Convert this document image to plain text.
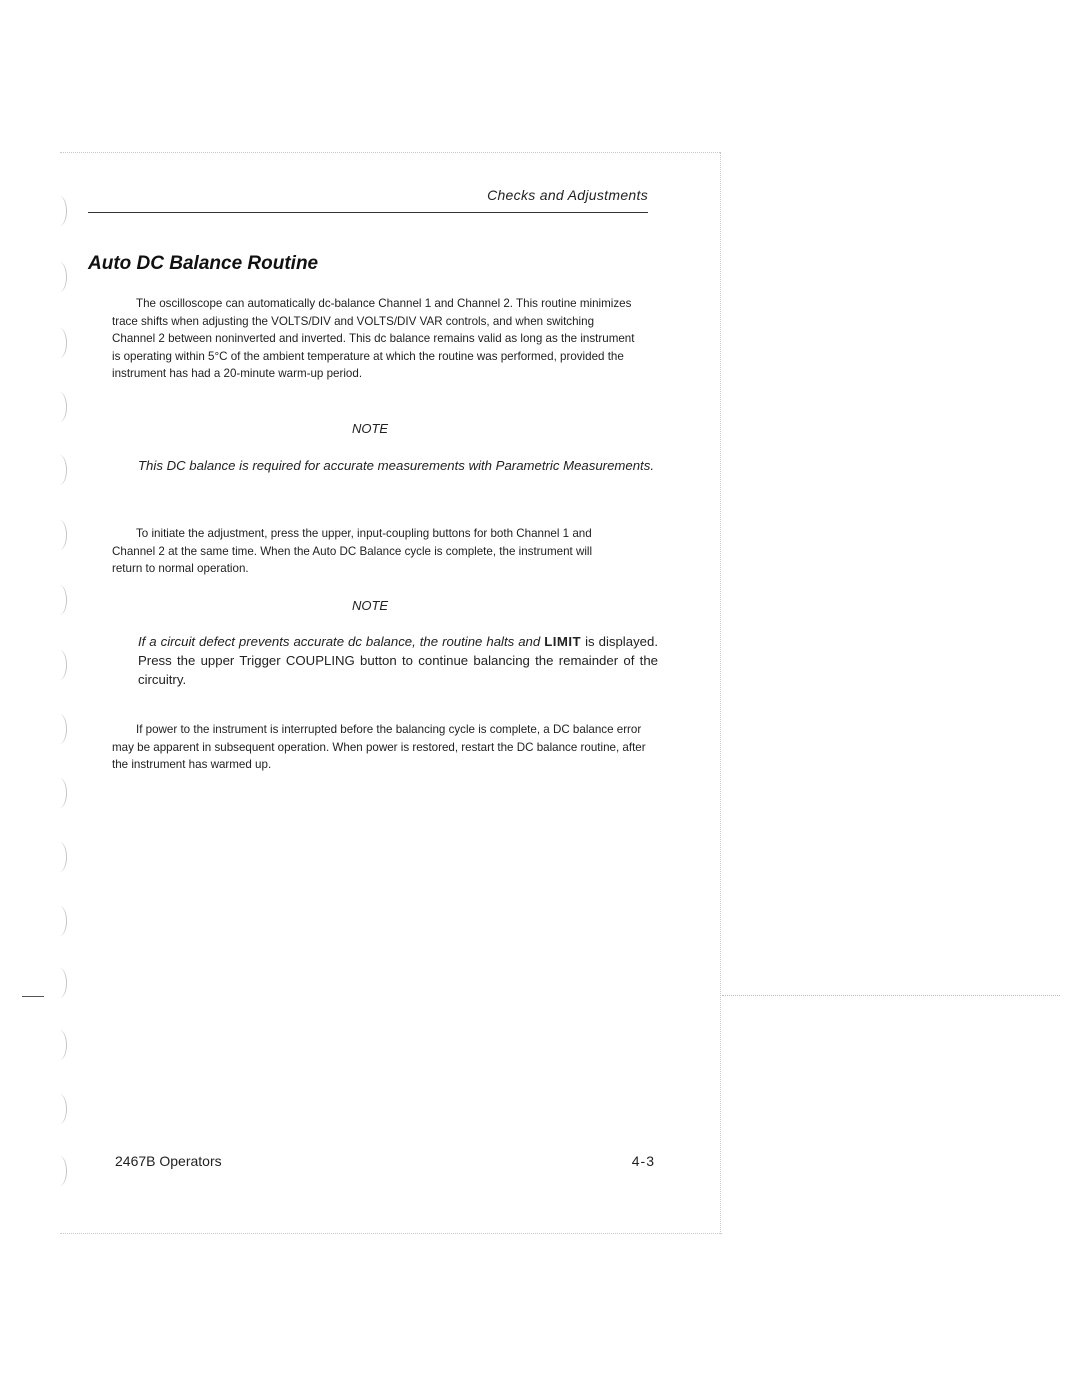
Checks and Adjustments
Auto DC Balance Routine

The oscilloscope can automatically dc-balance Channel 1 and Channel 2. This routine minimizes trace shifts when adjusting the VOLTS/DIV and VOLTS/DIV VAR controls, and when switching Channel 2 between noninverted and inverted. This dc balance remains valid as long as the instrument is operating within 5°C of the ambient temperature at which the routine was performed, provided the instrument has had a 20-minute warm-up period.

NOTE

This DC balance is required for accurate measurements with Parametric Measurements.

To initiate the adjustment, press the upper, input-coupling buttons for both Channel 1 and Channel 2 at the same time. When the Auto DC Balance cycle is complete, the instrument will return to normal operation.

NOTE

If a circuit defect prevents accurate dc balance, the routine halts and LIMIT is displayed. Press the upper Trigger COUPLING button to continue balancing the remainder of the circuitry.

If power to the instrument is interrupted before the balancing cycle is complete, a DC balance error may be apparent in subsequent operation. When power is restored, restart the DC balance routine, after the instrument has warmed up.

2467B Operators	4-3
